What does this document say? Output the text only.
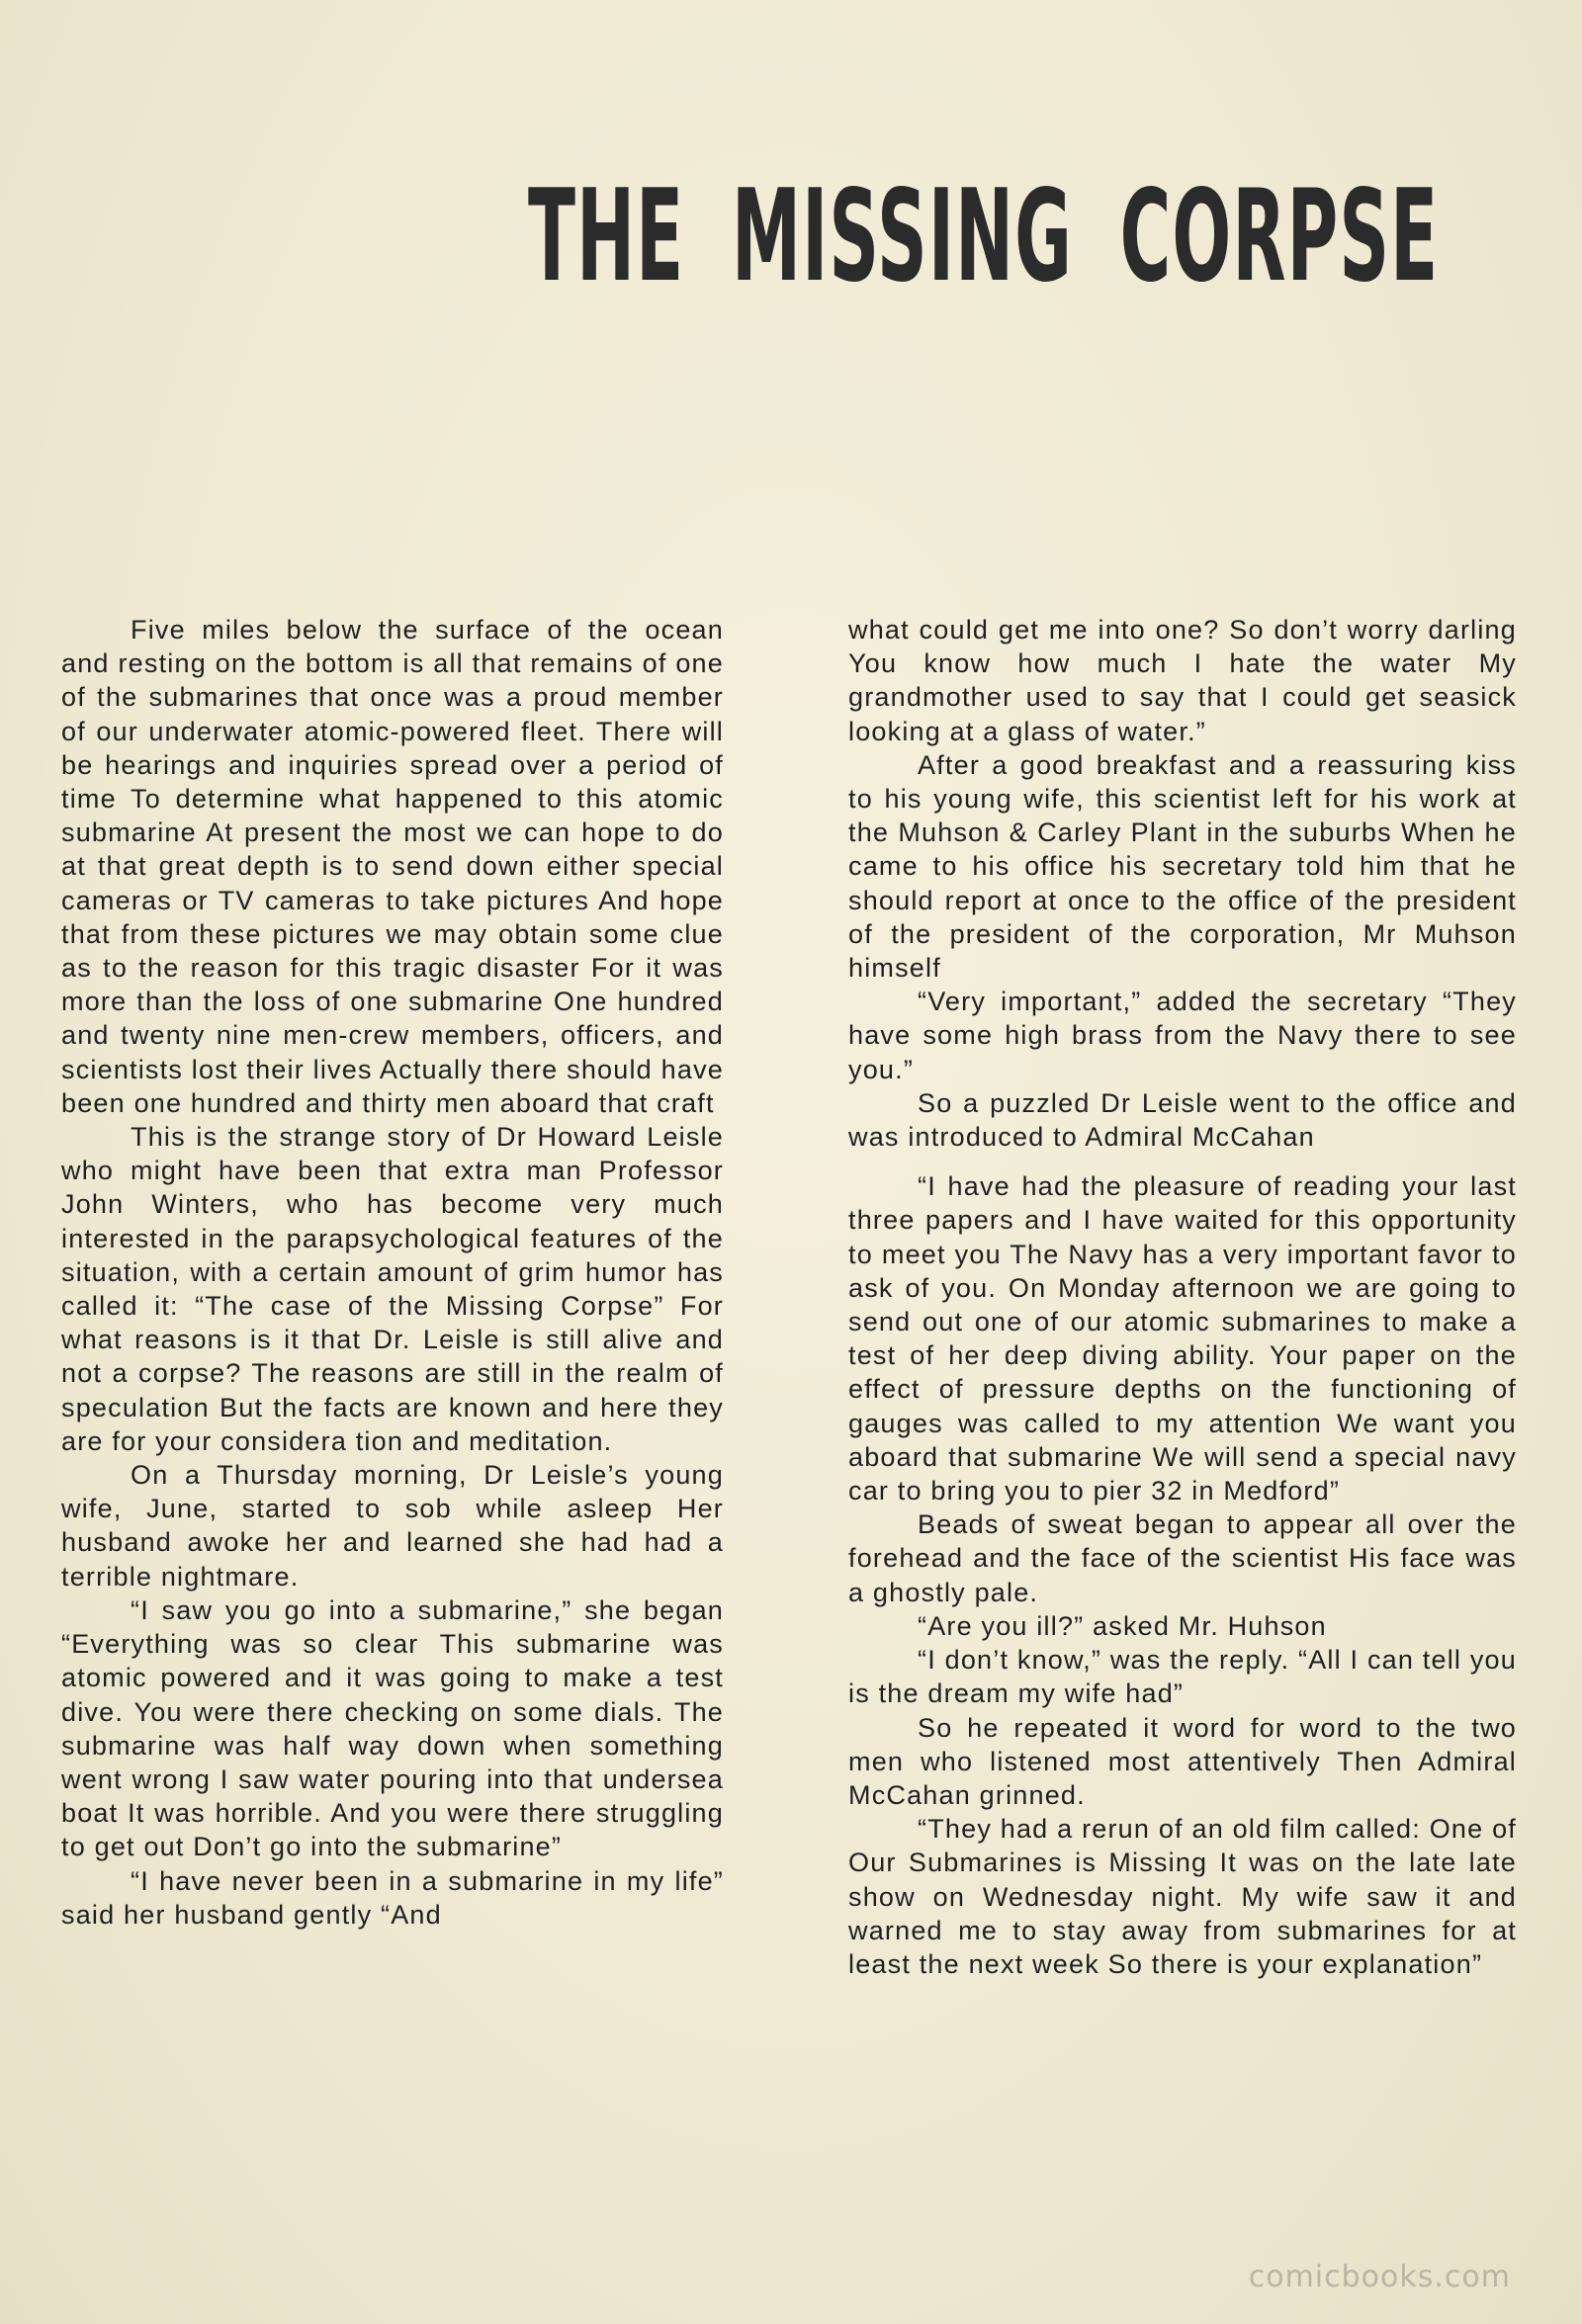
THE MISSING CORPSE

Five miles below the surface of the ocean and resting on the bottom is all that remains of one of the submarines that once was a proud member of our underwater atomic-powered fleet. There will be hearings and inquiries spread over a period of time To determine what happened to this atomic submarine At present the most we can hope to do at that great depth is to send down either special cameras or TV cameras to take pictures And hope that from these pictures we may obtain some clue as to the reason for this tragic disaster For it was more than the loss of one submarine One hundred and twenty nine men-crew members, officers, and scientists lost their lives Actually there should have been one hundred and thirty men aboard that craft

This is the strange story of Dr Howard Leisle who might have been that extra man Professor John Winters, who has become very much interested in the parapsychological features of the situation, with a certain amount of grim humor has called it: “The case of the Missing Corpse” For what reasons is it that Dr. Leisle is still alive and not a corpse? The reasons are still in the realm of speculation But the facts are known and here they are for your considera tion and meditation.

On a Thursday morning, Dr Leisle’s young wife, June, started to sob while asleep Her husband awoke her and learned she had had a terrible nightmare.

“I saw you go into a submarine,” she began “Everything was so clear This submarine was atomic powered and it was going to make a test dive. You were there checking on some dials. The submarine was half way down when something went wrong I saw water pouring into that undersea boat It was horrible. And you were there struggling to get out Don’t go into the submarine”

“I have never been in a submarine in my life” said her husband gently “And

what could get me into one? So don’t worry darling You know how much I hate the water My grandmother used to say that I could get seasick looking at a glass of water.”

After a good breakfast and a reassuring kiss to his young wife, this scientist left for his work at the Muhson & Carley Plant in the suburbs When he came to his office his secretary told him that he should report at once to the office of the president of the president of the corporation, Mr Muhson himself

“Very important,” added the secretary “They have some high brass from the Navy there to see you.”

So a puzzled Dr Leisle went to the office and was introduced to Admiral McCahan

“I have had the pleasure of reading your last three papers and I have waited for this opportunity to meet you The Navy has a very important favor to ask of you. On Monday afternoon we are going to send out one of our atomic submarines to make a test of her deep diving ability. Your paper on the effect of pressure depths on the functioning of gauges was called to my attention We want you aboard that submarine We will send a special navy car to bring you to pier 32 in Medford”

Beads of sweat began to appear all over the forehead and the face of the scientist His face was a ghostly pale.

“Are you ill?” asked Mr. Huhson

“I don’t know,” was the reply. “All I can tell you is the dream my wife had”

So he repeated it word for word to the two men who listened most attentively Then Admiral McCahan grinned.

“They had a rerun of an old film called: One of Our Submarines is Missing It was on the late late show on Wednesday night. My wife saw it and warned me to stay away from submarines for at least the next week So there is your explanation”

comicbooks.com
